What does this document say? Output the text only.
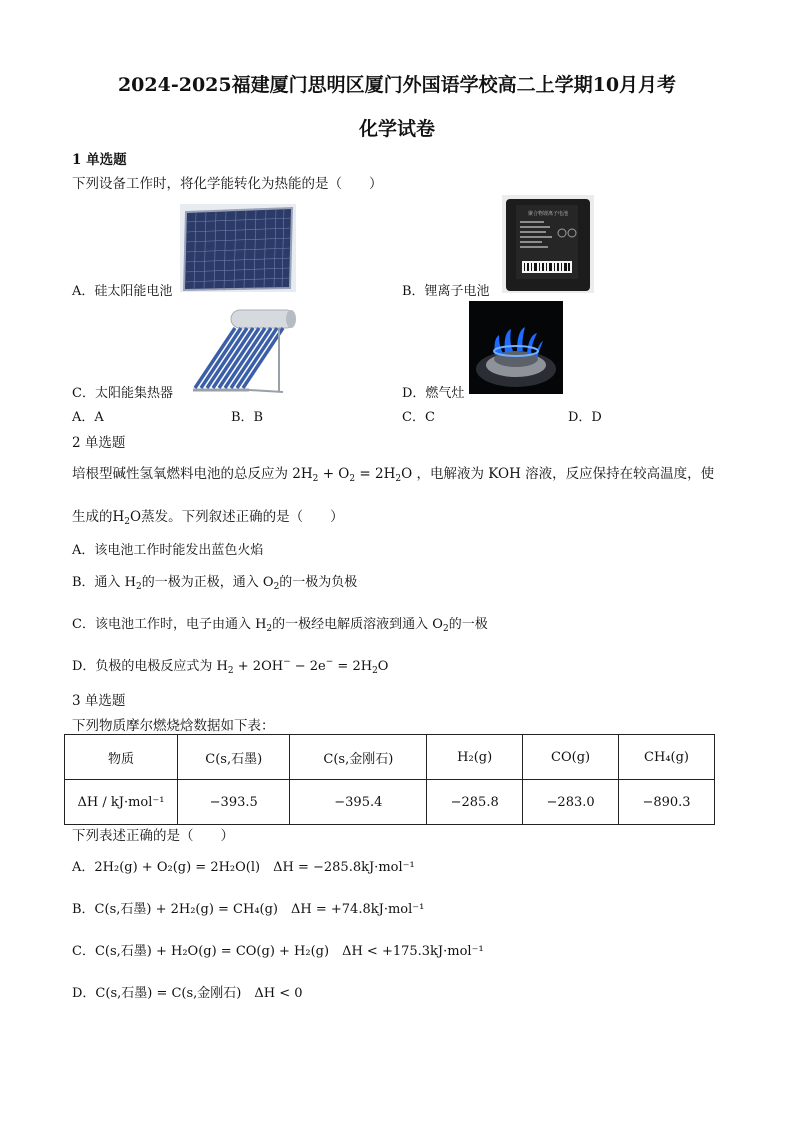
2024-2025福建厦门思明区厦门外国语学校高二上学期10月月考
化学试卷
1 单选题
下列设备工作时，将化学能转化为热能的是（　　）
聚合物锂离子电池
A．硅太阳能电池	B．锂离子电池
C．太阳能集热器	D．燃气灶
A．A	B．B	C．C	D．D
2 单选题
培根型碱性氢氧燃料电池的总反应为 $2H_2 + O_2 = 2H_2O$ ，电解液为 KOH 溶液，反应保持在较高温度，使
生成的$H_2O$蒸发。下列叙述正确的是（　　）
A．该电池工作时能发出蓝色火焰
B．通入 $H_2$的一极为正极，通入 $O_2$的一极为负极
C．该电池工作时，电子由通入 $H_2$的一极经电解质溶液到通入 $O_2$的一极
D．负极的电极反应式为 $H_2 + 2OH^- - 2e^- = 2H_2O$
3 单选题
下列物质摩尔燃烧焓数据如下表：
物质	C(s,石墨)	C(s,金刚石)	H₂(g)	CO(g)	CH₄(g)
ΔH / kJ·mol⁻¹	−393.5	−395.4	−285.8	−283.0	−890.3
下列表述正确的是（　　）
A．2H₂(g) + O₂(g) = 2H₂O(l)　ΔH = −285.8kJ·mol⁻¹
B．C(s,石墨) + 2H₂(g) = CH₄(g)　ΔH = +74.8kJ·mol⁻¹
C．C(s,石墨) + H₂O(g) = CO(g) + H₂(g)　ΔH < +175.3kJ·mol⁻¹
D．C(s,石墨) = C(s,金刚石)　ΔH < 0
